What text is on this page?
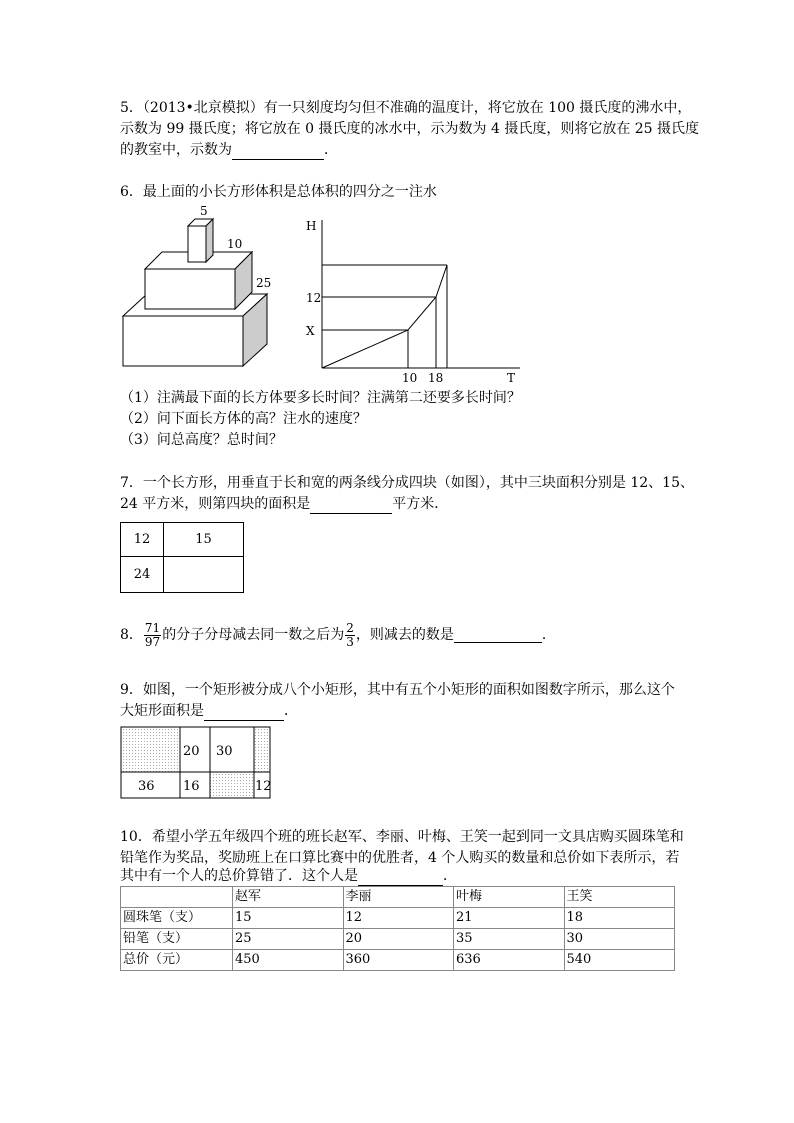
5．（2013•北京模拟）有一只刻度均匀但不准确的温度计，将它放在 100 摄氏度的沸水中，
示数为 99 摄氏度；将它放在 0 摄氏度的冰水中，示为数为 4 摄氏度，则将它放在 25 摄氏度
的教室中，示数为	．
6．最上面的小长方形体积是总体积的四分之一注水
5
10
25
H
T
12
X
10 18
（1）注满最下面的长方体要多长时间？注满第二还要多长时间？
（2）问下面长方体的高？注水的速度？
（3）问总高度？总时间？
7．一个长方形，用垂直于长和宽的两条线分成四块（如图），其中三块面积分别是 12、15、
24 平方米，则第四块的面积是	平方米．
12	15
24	
8． $\frac{71}{97}$ 的分子分母减去同一数之后为 $\frac{2}{3}$ ，则减去的数是	．
9．如图，一个矩形被分成八个小矩形，其中有五个小矩形的面积如图数字所示，那么这个
大矩形面积是	．
20 30
36 16	12
10．希望小学五年级四个班的班长赵军、李丽、叶梅、王笑一起到同一文具店购买圆珠笔和
铅笔作为奖品，奖励班上在口算比赛中的优胜者，4 个人购买的数量和总价如下表所示，若
其中有一个人的总价算错了．这个人是	．
	赵军	李丽	叶梅	王笑
圆珠笔（支）	15	12	21	18
铅笔（支）	25	20	35	30
总价（元）	450	360	636	540
